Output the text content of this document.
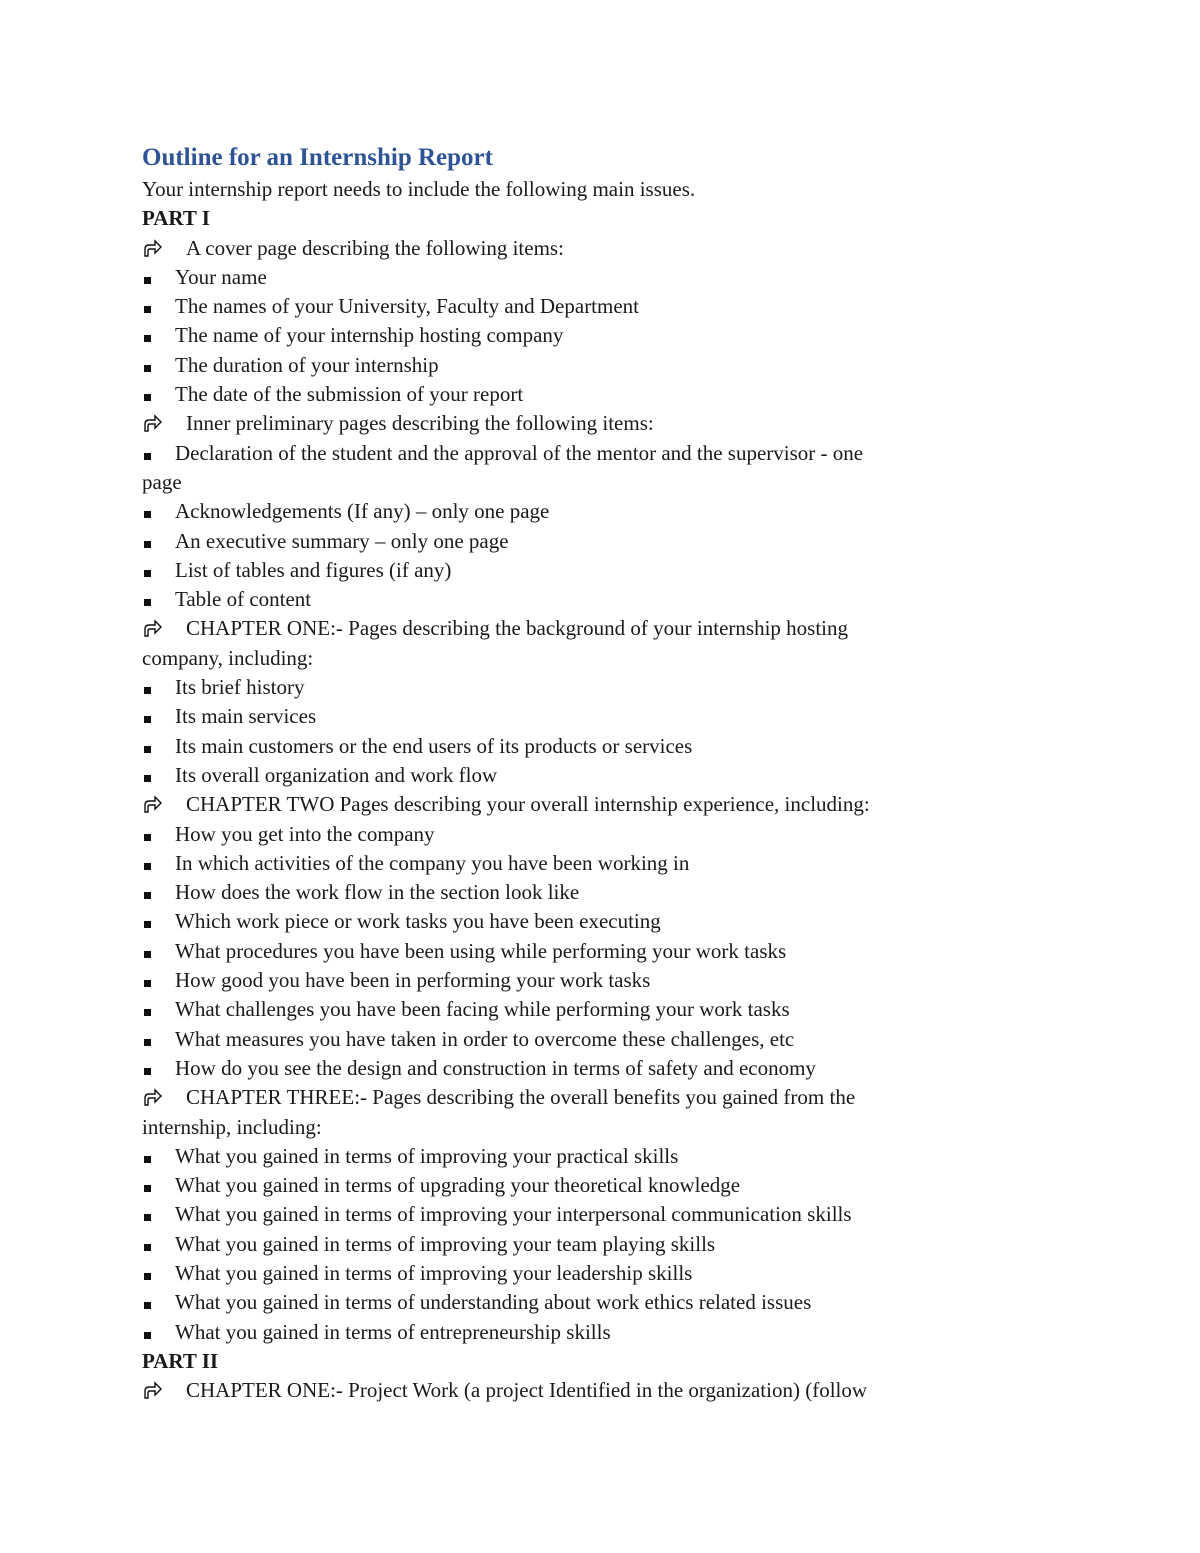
Outline for an Internship Report
Your internship report needs to include the following main issues.
PART I
A cover page describing the following items:
Your name
The names of your University, Faculty and Department
The name of your internship hosting company
The duration of your internship
The date of the submission of your report
Inner preliminary pages describing the following items:
Declaration of the student and the approval of the mentor and the supervisor - one
page
Acknowledgements (If any) – only one page
An executive summary – only one page
List of tables and figures (if any)
Table of content
CHAPTER ONE:- Pages describing the background of your internship hosting
company, including:
Its brief history
Its main services
Its main customers or the end users of its products or services
Its overall organization and work flow
CHAPTER TWO Pages describing your overall internship experience, including:
How you get into the company
In which activities of the company you have been working in
How does the work flow in the section look like
Which work piece or work tasks you have been executing
What procedures you have been using while performing your work tasks
How good you have been in performing your work tasks
What challenges you have been facing while performing your work tasks
What measures you have taken in order to overcome these challenges, etc
How do you see the design and construction in terms of safety and economy
CHAPTER THREE:- Pages describing the overall benefits you gained from the
internship, including:
What you gained in terms of improving your practical skills
What you gained in terms of upgrading your theoretical knowledge
What you gained in terms of improving your interpersonal communication skills
What you gained in terms of improving your team playing skills
What you gained in terms of improving your leadership skills
What you gained in terms of understanding about work ethics related issues
What you gained in terms of entrepreneurship skills
PART II
CHAPTER ONE:- Project Work (a project Identified in the organization) (follow
